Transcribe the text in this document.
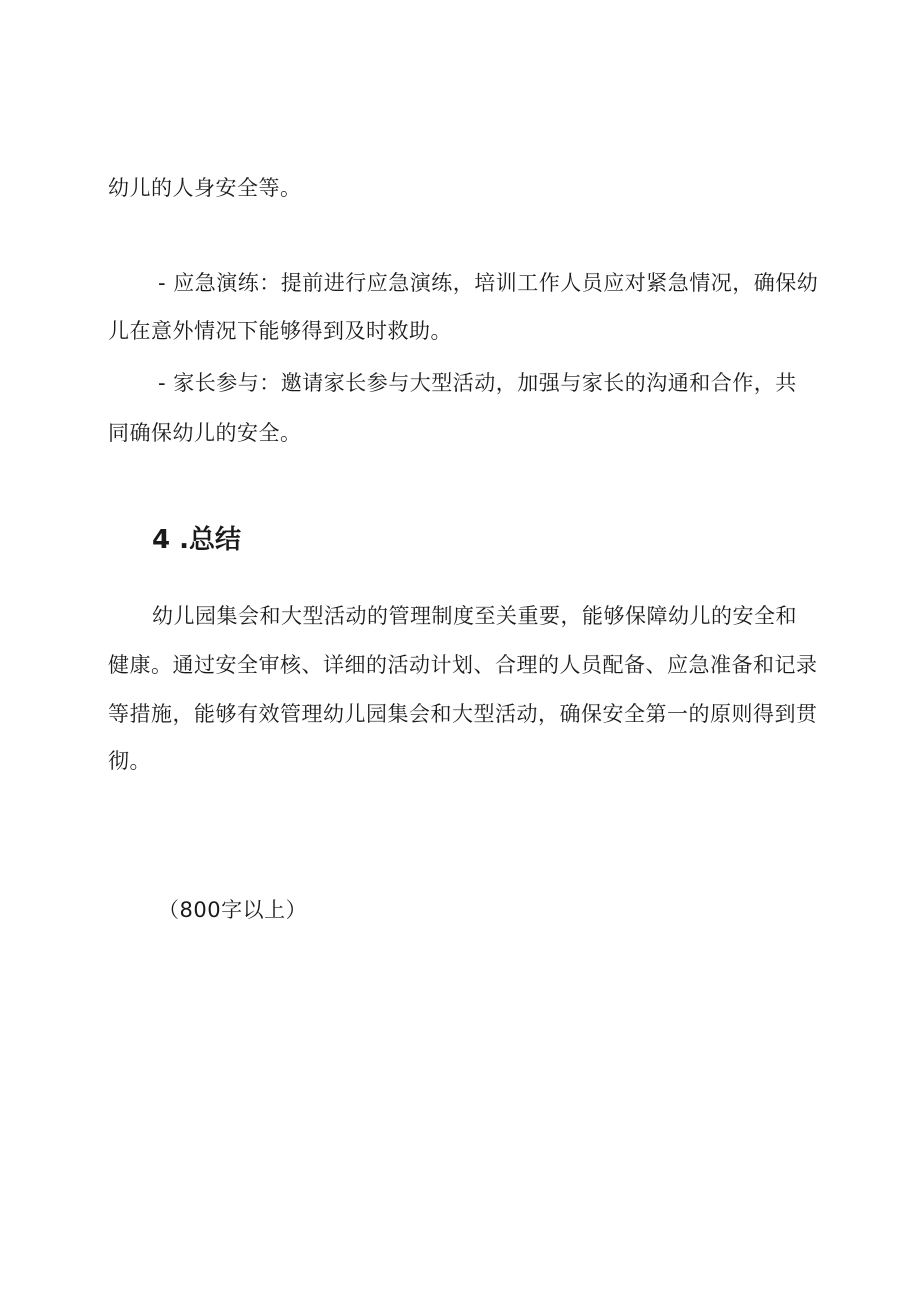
幼儿的人身安全等。
- 应急演练：提前进行应急演练，培训工作人员应对紧急情况，确保幼
儿在意外情况下能够得到及时救助。
- 家长参与：邀请家长参与大型活动，加强与家长的沟通和合作，共
同确保幼儿的安全。
4 .总结
幼儿园集会和大型活动的管理制度至关重要，能够保障幼儿的安全和
健康。通过安全审核、详细的活动计划、合理的人员配备、应急准备和记录
等措施，能够有效管理幼儿园集会和大型活动，确保安全第一的原则得到贯
彻。
（800字以上）
